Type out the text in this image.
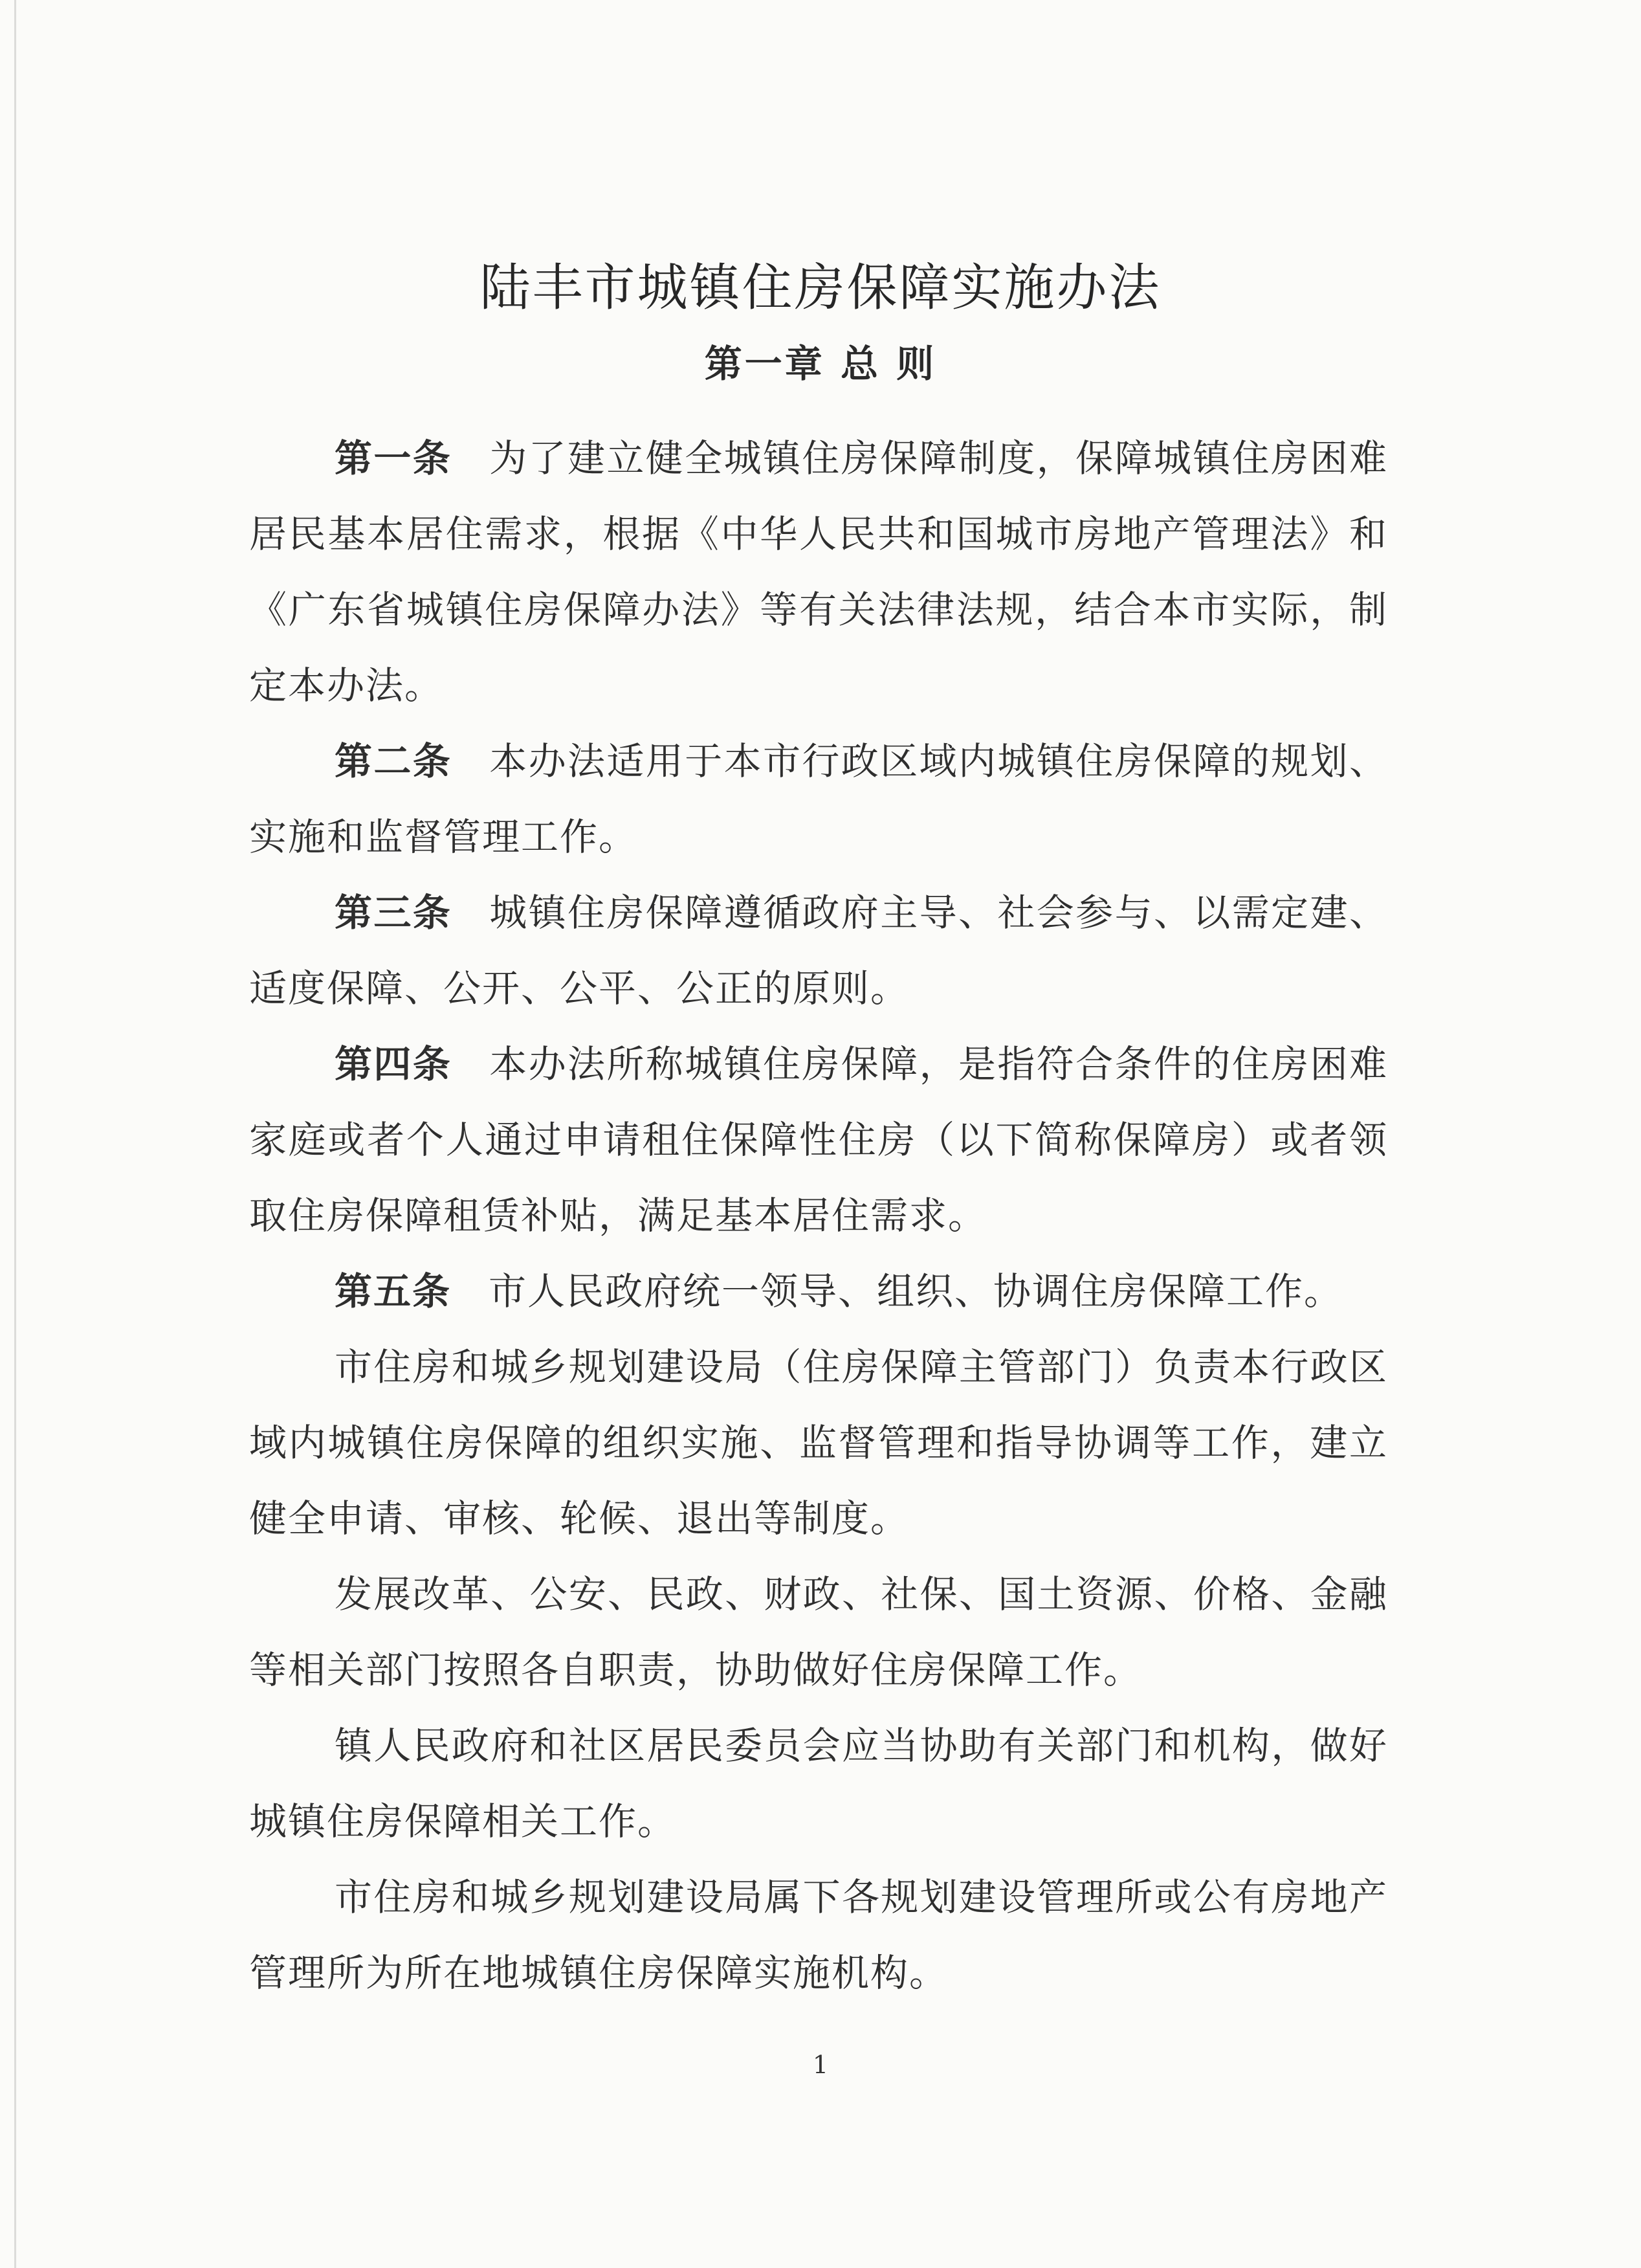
陆丰市城镇住房保障实施办法
第一章 总 则

第一条 为了建立健全城镇住房保障制度，保障城镇住房困难居民基本居住需求，根据《中华人民共和国城市房地产管理法》和《广东省城镇住房保障办法》等有关法律法规，结合本市实际，制定本办法。

第二条 本办法适用于本市行政区域内城镇住房保障的规划、实施和监督管理工作。

第三条 城镇住房保障遵循政府主导、社会参与、以需定建、适度保障、公开、公平、公正的原则。

第四条 本办法所称城镇住房保障，是指符合条件的住房困难家庭或者个人通过申请租住保障性住房（以下简称保障房）或者领取住房保障租赁补贴，满足基本居住需求。

第五条 市人民政府统一领导、组织、协调住房保障工作。

市住房和城乡规划建设局（住房保障主管部门）负责本行政区域内城镇住房保障的组织实施、监督管理和指导协调等工作，建立健全申请、审核、轮候、退出等制度。

发展改革、公安、民政、财政、社保、国土资源、价格、金融等相关部门按照各自职责，协助做好住房保障工作。

镇人民政府和社区居民委员会应当协助有关部门和机构，做好城镇住房保障相关工作。

市住房和城乡规划建设局属下各规划建设管理所或公有房地产管理所为所在地城镇住房保障实施机构。

1
